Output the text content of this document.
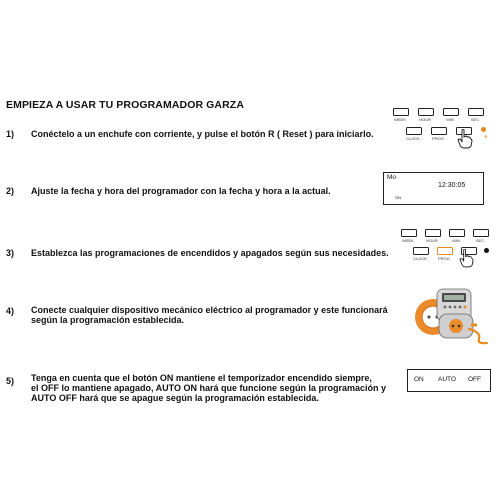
EMPIEZA A USAR TU PROGRAMADOR GARZA
1)	Conéctelo a un enchufe con corriente, y pulse el botón R ( Reset ) para iniciarlo.
2)	Ajuste la fecha y hora del programador con la fecha y hora a la actual.
3)	Establezca las programaciones de encendidos y apagados según sus necesidades.
4)	Conecte cualquier dispositivo mecánico eléctrico al programador y este funcionará
según la programación establecida.
5)	Tenga en cuenta que el botón ON mantiene el temporizador encendido siempre,
el OFF lo mantiene apagado, AUTO ON hará que funcione según la programación y
AUTO OFF hará que se apague según la programación establecida.
WEEK	HOUR	MIN	SEC
R
CLOCK	PROG
Mo
12:30:05
ON
WEEK	HOUR	MIN	SEC
CLOCK	PROG
ON AUTO OFF
